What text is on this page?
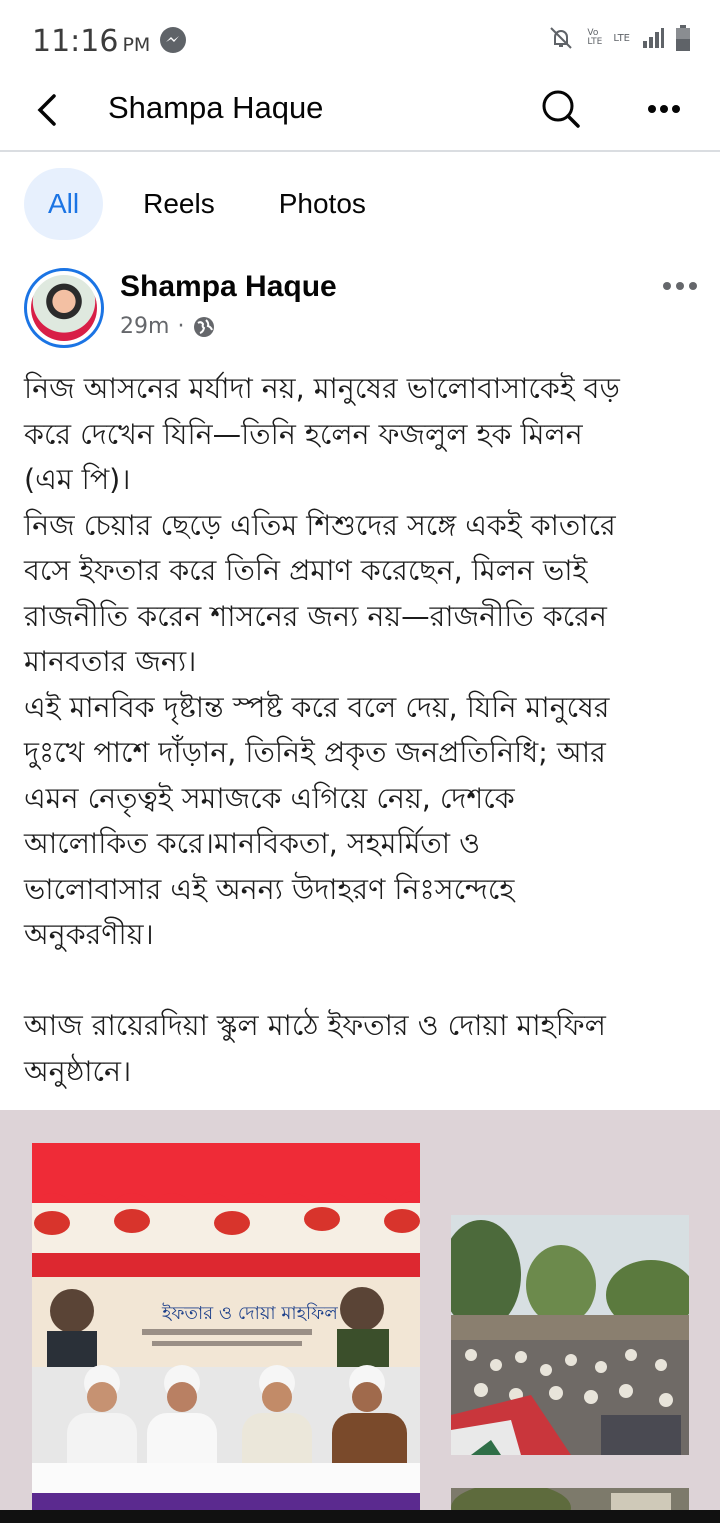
11:16 PM
Vo LTE LTE
Shampa Haque
All	Reels	Photos
Shampa Haque
29m ·
নিজ আসনের মর্যাদা নয়, মানুষের ভালোবাসাকেই বড়
করে দেখেন যিনি—তিনি হলেন ফজলুল হক মিলন
(এম পি)।
নিজ চেয়ার ছেড়ে এতিম শিশুদের সঙ্গে একই কাতারে
বসে ইফতার করে তিনি প্রমাণ করেছেন, মিলন ভাই
রাজনীতি করেন শাসনের জন্য নয়—রাজনীতি করেন
মানবতার জন্য।
এই মানবিক দৃষ্টান্ত স্পষ্ট করে বলে দেয়, যিনি মানুষের
দুঃখে পাশে দাঁড়ান, তিনিই প্রকৃত জনপ্রতিনিধি; আর
এমন নেতৃত্বই সমাজকে এগিয়ে নেয়, দেশকে
আলোকিত করে।মানবিকতা, সহমর্মিতা ও
ভালোবাসার এই অনন্য উদাহরণ নিঃসন্দেহে
অনুকরণীয়।

আজ রায়েরদিয়া স্কুল মাঠে ইফতার ও দোয়া মাহফিল
অনুষ্ঠানে।
ইফতার ও দোয়া মাহফিল
